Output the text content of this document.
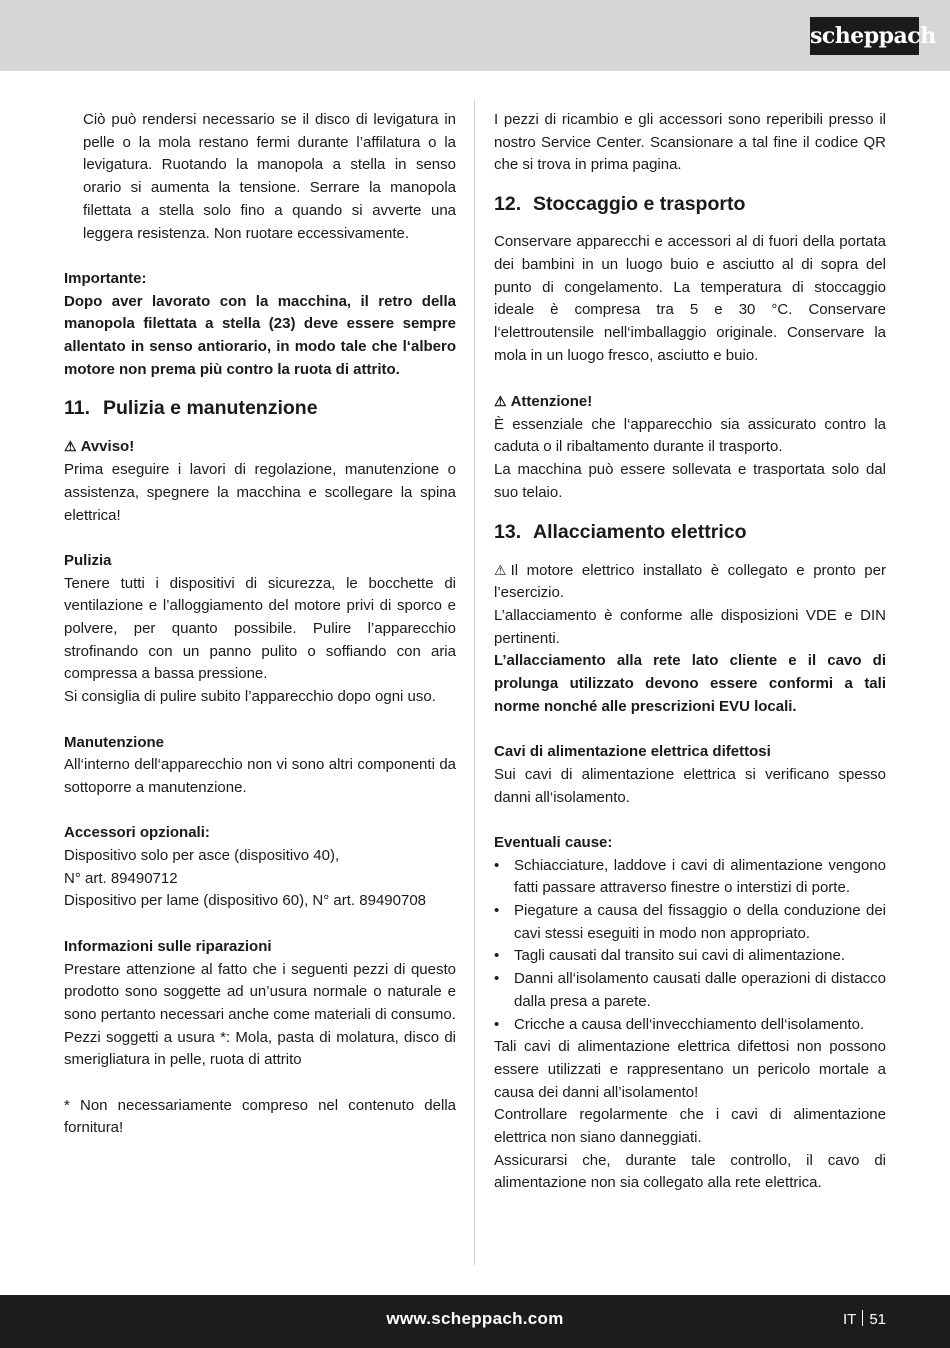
scheppach

Ciò può rendersi necessario se il disco di levigatura in pelle o la mola restano fermi durante l’affilatura o la levigatura. Ruotando la manopola a stella in senso orario si aumenta la tensione. Serrare la manopola filettata a stella solo fino a quando si avverte una leggera resistenza. Non ruotare eccessivamente.

Importante:

Dopo aver lavorato con la macchina, il retro della manopola filettata a stella (23) deve essere sempre allentato in senso antiorario, in modo tale che l‘albero motore non prema più contro la ruota di attrito.

11. Pulizia e manutenzione

⚠ Avviso!

Prima eseguire i lavori di regolazione, manutenzione o assistenza, spegnere la macchina e scollegare la spina elettrica!

Pulizia

Tenere tutti i dispositivi di sicurezza, le bocchette di ventilazione e l’alloggiamento del motore privi di sporco e polvere, per quanto possibile. Pulire l’apparecchio strofinando con un panno pulito o soffiando con aria compressa a bassa pressione.

Si consiglia di pulire subito l’apparecchio dopo ogni uso.

Manutenzione

All‘interno dell‘apparecchio non vi sono altri componenti da sottoporre a manutenzione.

Accessori opzionali:

Dispositivo solo per asce (dispositivo 40),

N° art. 89490712

Dispositivo per lame (dispositivo 60), N° art. 89490708

Informazioni sulle riparazioni

Prestare attenzione al fatto che i seguenti pezzi di questo prodotto sono soggette ad un’usura normale o naturale e sono pertanto necessari anche come materiali di consumo.

Pezzi soggetti a usura *: Mola, pasta di molatura, disco di smerigliatura in pelle, ruota di attrito

* Non necessariamente compreso nel contenuto della fornitura!

I pezzi di ricambio e gli accessori sono reperibili presso il nostro Service Center. Scansionare a tal fine il codice QR che si trova in prima pagina.

12. Stoccaggio e trasporto

Conservare apparecchi e accessori al di fuori della portata dei bambini in un luogo buio e asciutto al di sopra del punto di congelamento. La temperatura di stoccaggio ideale è compresa tra 5 e 30 °C. Conservare l‘elettroutensile nell‘imballaggio originale. Conservare la mola in un luogo fresco, asciutto e buio.

⚠ Attenzione!

È essenziale che l‘apparecchio sia assicurato contro la caduta o il ribaltamento durante il trasporto.

La macchina può essere sollevata e trasportata solo dal suo telaio.

13. Allacciamento elettrico

⚠ Il motore elettrico installato è collegato e pronto per l’esercizio.

L’allacciamento è conforme alle disposizioni VDE e DIN pertinenti.

L’allacciamento alla rete lato cliente e il cavo di prolunga utilizzato devono essere conformi a tali norme nonché alle prescrizioni EVU locali.

Cavi di alimentazione elettrica difettosi

Sui cavi di alimentazione elettrica si verificano spesso danni all‘isolamento.

Eventuali cause:

• Schiacciature, laddove i cavi di alimentazione vengono fatti passare attraverso finestre o interstizi di porte.
• Piegature a causa del fissaggio o della conduzione dei cavi stessi eseguiti in modo non appropriato.
• Tagli causati dal transito sui cavi di alimentazione.
• Danni all‘isolamento causati dalle operazioni di distacco dalla presa a parete.
• Cricche a causa dell‘invecchiamento dell‘isolamento.

Tali cavi di alimentazione elettrica difettosi non possono essere utilizzati e rappresentano un pericolo mortale a causa dei danni all’isolamento!

Controllare regolarmente che i cavi di alimentazione elettrica non siano danneggiati.

Assicurarsi che, durante tale controllo, il cavo di alimentazione non sia collegato alla rete elettrica.

www.scheppach.com	IT 51
